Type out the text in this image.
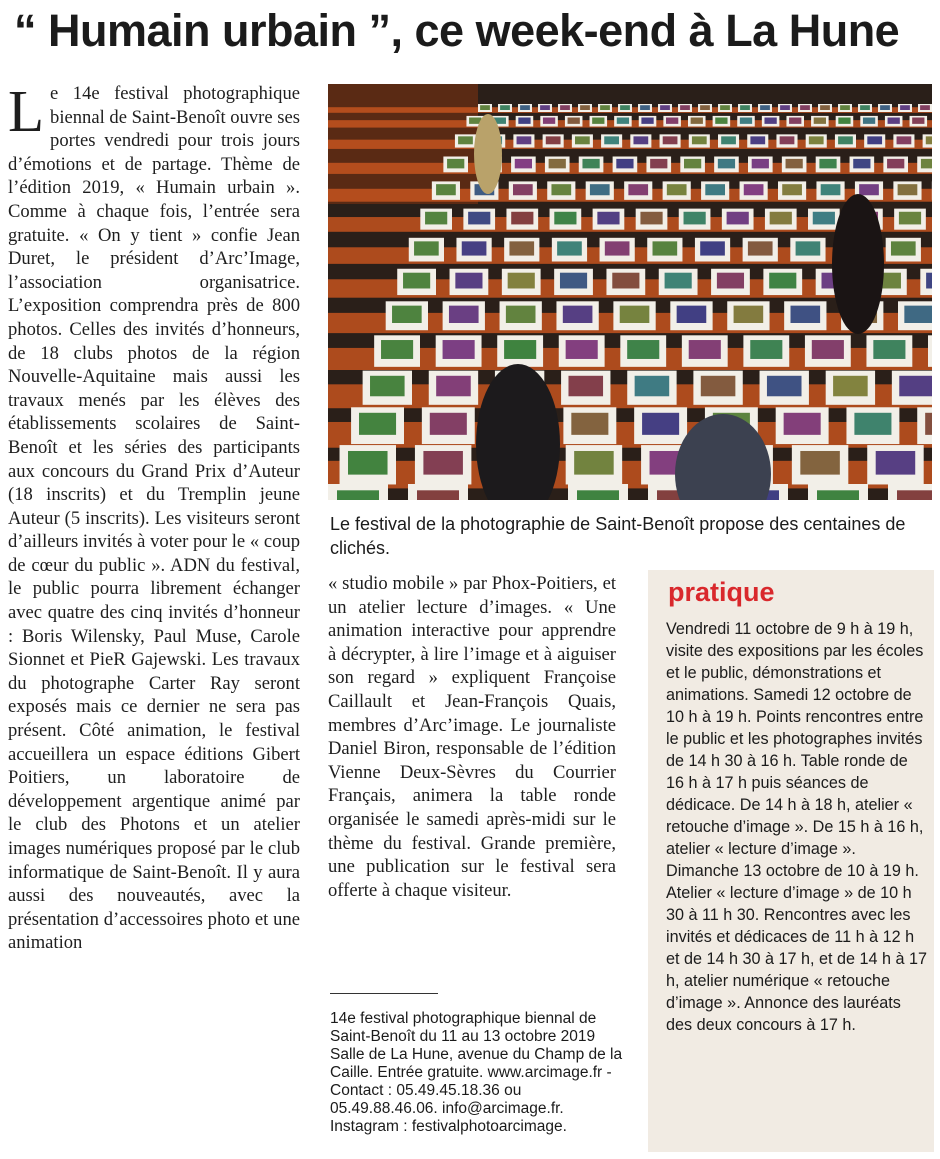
“ Humain urbain ”, ce week-end à La Hune

L e 14e festival photographique biennal de Saint-Benoît ouvre ses portes vendredi pour trois jours d’émotions et de partage. Thème de l’édition 2019, « Humain urbain ». Comme à chaque fois, l’entrée sera gratuite. « On y tient » confie Jean Duret, le président d’Arc’Image, l’association organisatrice. L’exposition comprendra près de 800 photos. Celles des invités d’honneurs, de 18 clubs photos de la région Nouvelle-Aquitaine mais aussi les travaux menés par les élèves des établissements scolaires de Saint-Benoît et les séries des participants aux concours du Grand Prix d’Auteur (18 inscrits) et du Tremplin jeune Auteur (5 inscrits). Les visiteurs seront d’ailleurs invités à voter pour le « coup de cœur du public ». ADN du festival, le public pourra librement échanger avec quatre des cinq invités d’honneur : Boris Wilensky, Paul Muse, Carole Sionnet et PieR Gajewski. Les travaux du photographe Carter Ray seront exposés mais ce dernier ne sera pas présent. Côté animation, le festival accueillera un espace éditions Gibert Poitiers, un laboratoire de développement argentique animé par le club des Photons et un atelier images numériques proposé par le club informatique de Saint-Benoît. Il y aura aussi des nouveautés, avec la présentation d’accessoires photo et une animation

Le festival de la photographie de Saint-Benoît propose des centaines de clichés.

« studio mobile » par Phox-Poitiers, et un atelier lecture d’images. « Une animation interactive pour apprendre à décrypter, à lire l’image et à aiguiser son regard » expliquent Françoise Caillault et Jean-François Quais, membres d’Arc’image. Le journaliste Daniel Biron, responsable de l’édition Vienne Deux-Sèvres du Courrier Français, animera la table ronde organisée le samedi après-midi sur le thème du festival. Grande première, une publication sur le festival sera offerte à chaque visiteur.

14e festival photographique biennal de Saint-Benoît du 11 au 13 octobre 2019 Salle de La Hune, avenue du Champ de la Caille. Entrée gratuite. www.arcimage.fr - Contact : 05.49.45.18.36 ou 05.49.88.46.06. info@arcimage.fr. Instagram : festivalphotoarcimage.
pratique
Vendredi 11 octobre de 9 h à 19 h, visite des expositions par les écoles et le public, démonstrations et animations. Samedi 12 octobre de 10 h à 19 h. Points rencontres entre le public et les photographes invités de 14 h 30 à 16 h. Table ronde de 16 h à 17 h puis séances de dédicace. De 14 h à 18 h, atelier « retouche d’image ». De 15 h à 16 h, atelier « lecture d’image ». Dimanche 13 octobre de 10 à 19 h. Atelier « lecture d’image » de 10 h 30 à 11 h 30. Rencontres avec les invités et dédicaces de 11 h à 12 h et de 14 h 30 à 17 h, et de 14 h à 17 h, atelier numérique « retouche d’image ». Annonce des lauréats des deux concours à 17 h.
